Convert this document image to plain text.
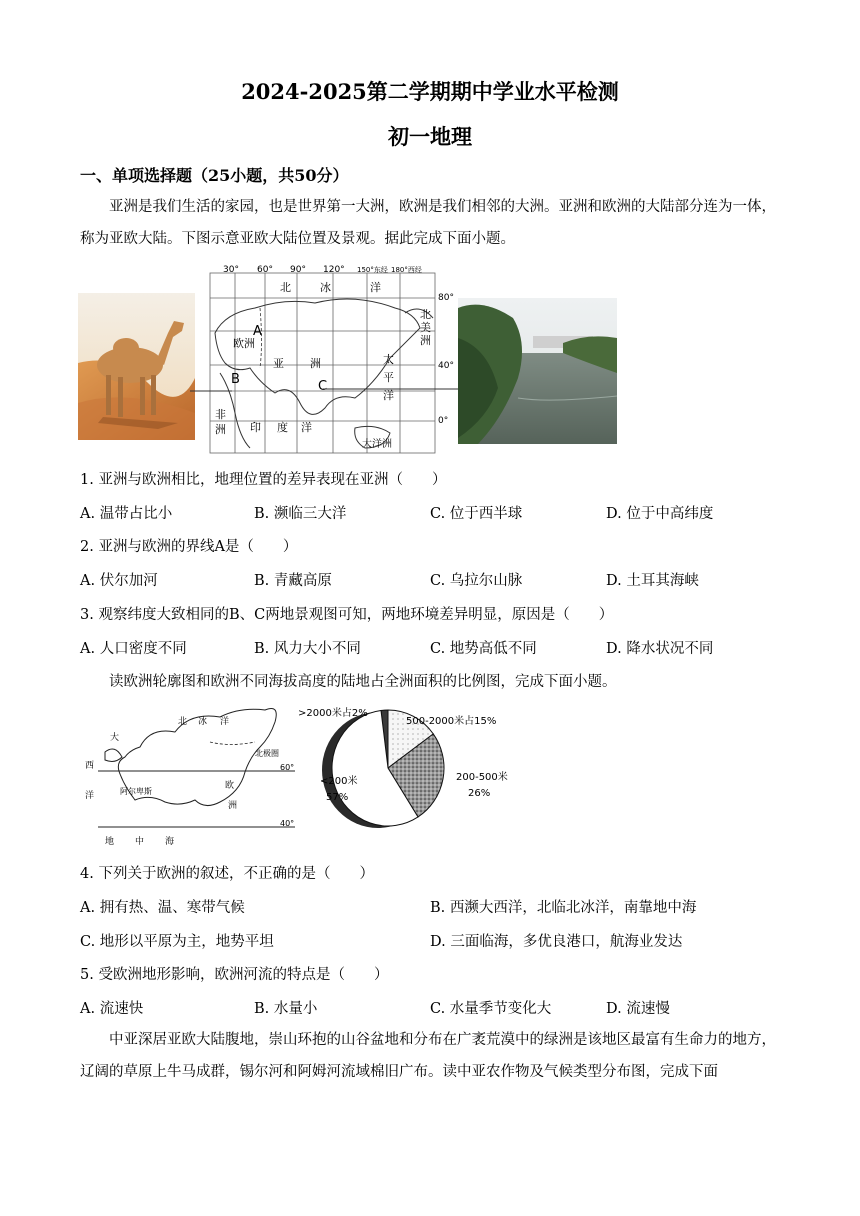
2024-2025第二学期期中学业水平检测
初一地理
一、单项选择题（25小题，共50分）
亚洲是我们生活的家园，也是世界第一大洲，欧洲是我们相邻的大洲。亚洲和欧洲的大陆部分连为一体，称为亚欧大陆。下图示意亚欧大陆位置及景观。据此完成下面小题。
30° 60° 90° 120° 150°东经 180°西经
80°
40°
0°
北	冰	洋
欧洲
亚 洲	太
平
洋
北
美
洲
非
洲 印 度 洋
大洋洲
A
B	C
1. 亚洲与欧洲相比，地理位置的差异表现在亚洲（　　）
A. 温带占比小	B. 濒临三大洋	C. 位于西半球	D. 位于中高纬度
2. 亚洲与欧洲的界线A是（　　）
A. 伏尔加河	B. 青藏高原	C. 乌拉尔山脉	D. 土耳其海峡
3. 观察纬度大致相同的B、C两地景观图可知，两地环境差异明显，原因是（　　）
A. 人口密度不同	B. 风力大小不同	C. 地势高低不同	D. 降水状况不同
读欧洲轮廓图和欧洲不同海拔高度的陆地占全洲面积的比例图，完成下面小题。
北 冰 洋
大
西
洋
北极圈
60°
40°
阿尔卑斯
欧
洲
地 中 海
>2000米占2%
500-2000米占15%
200-500米
26%
<200米
57%
4. 下列关于欧洲的叙述，不正确的是（　　）
A. 拥有热、温、寒带气候	B. 西濒大西洋，北临北冰洋，南靠地中海
C. 地形以平原为主，地势平坦	D. 三面临海，多优良港口，航海业发达
5. 受欧洲地形影响，欧洲河流的特点是（　　）
A. 流速快	B. 水量小	C. 水量季节变化大	D. 流速慢
中亚深居亚欧大陆腹地，崇山环抱的山谷盆地和分布在广袤荒漠中的绿洲是该地区最富有生命力的地方，辽阔的草原上牛马成群，锡尔河和阿姆河流域棉旧广布。读中亚农作物及气候类型分布图，完成下面
